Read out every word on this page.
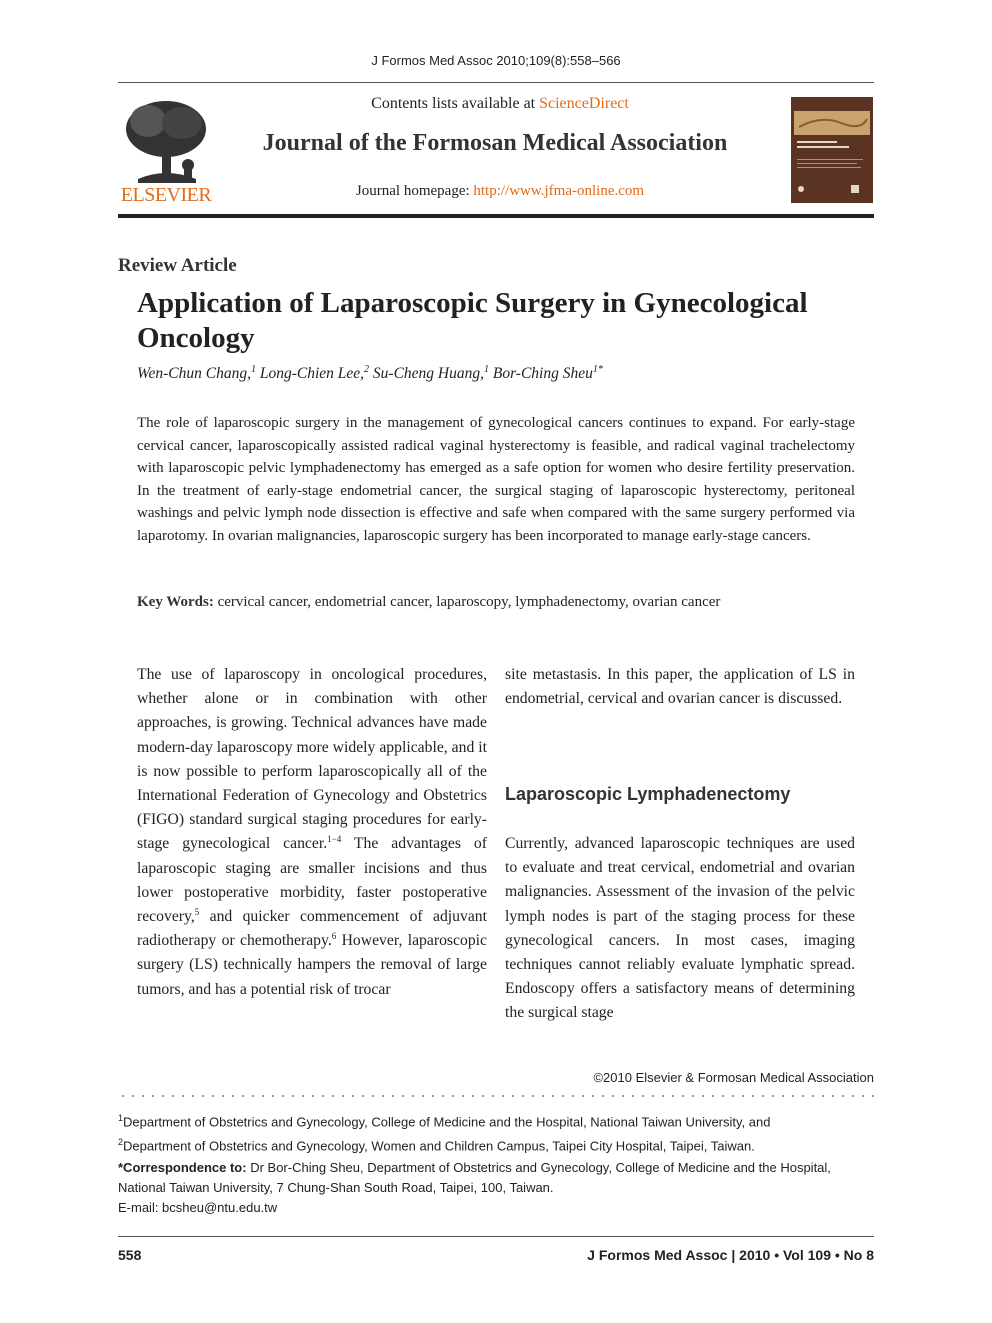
J Formos Med Assoc 2010;109(8):558–566
ELSEVIER
Contents lists available at ScienceDirect
Journal of the Formosan Medical Association
Journal homepage: http://www.jfma-online.com
Review Article
Application of Laparoscopic Surgery in Gynecological Oncology
Wen-Chun Chang,$^1$ Long-Chien Lee,$^2$ Su-Cheng Huang,$^1$ Bor-Ching Sheu$^{1*}$
The role of laparoscopic surgery in the management of gynecological cancers continues to expand. For early-stage cervical cancer, laparoscopically assisted radical vaginal hysterectomy is feasible, and radical vaginal trachelectomy with laparoscopic pelvic lymphadenectomy has emerged as a safe option for women who desire fertility preservation. In the treatment of early-stage endometrial cancer, the surgical staging of laparoscopic hysterectomy, peritoneal washings and pelvic lymph node dissection is effective and safe when compared with the same surgery performed via laparotomy. In ovarian malignancies, laparoscopic surgery has been incorporated to manage early-stage cancers.
Key Words: cervical cancer, endometrial cancer, laparoscopy, lymphadenectomy, ovarian cancer
The use of laparoscopy in oncological procedures, whether alone or in combination with other approaches, is growing. Technical advances have made modern-day laparoscopy more widely applicable, and it is now possible to perform laparoscopically all of the International Federation of Gynecology and Obstetrics (FIGO) standard surgical staging procedures for early-stage gynecological cancer.$^{1-4}$ The advantages of laparoscopic staging are smaller incisions and thus lower postoperative morbidity, faster postoperative recovery,$^5$ and quicker commencement of adjuvant radiotherapy or chemotherapy.$^6$ However, laparoscopic surgery (LS) technically hampers the removal of large tumors, and has a potential risk of trocar
site metastasis. In this paper, the application of LS in endometrial, cervical and ovarian cancer is discussed.
Laparoscopic Lymphadenectomy
Currently, advanced laparoscopic techniques are used to evaluate and treat cervical, endometrial and ovarian malignancies. Assessment of the invasion of the pelvic lymph nodes is part of the staging process for these gynecological cancers. In most cases, imaging techniques cannot reliably evaluate lymphatic spread. Endoscopy offers a satisfactory means of determining the surgical stage
©2010 Elsevier & Formosan Medical Association
$^1$Department of Obstetrics and Gynecology, College of Medicine and the Hospital, National Taiwan University, and
$^2$Department of Obstetrics and Gynecology, Women and Children Campus, Taipei City Hospital, Taipei, Taiwan.
*Correspondence to: Dr Bor-Ching Sheu, Department of Obstetrics and Gynecology, College of Medicine and the Hospital, National Taiwan University, 7 Chung-Shan South Road, Taipei, 100, Taiwan.
E-mail: bcsheu@ntu.edu.tw
558	J Formos Med Assoc | 2010 • Vol 109 • No 8
